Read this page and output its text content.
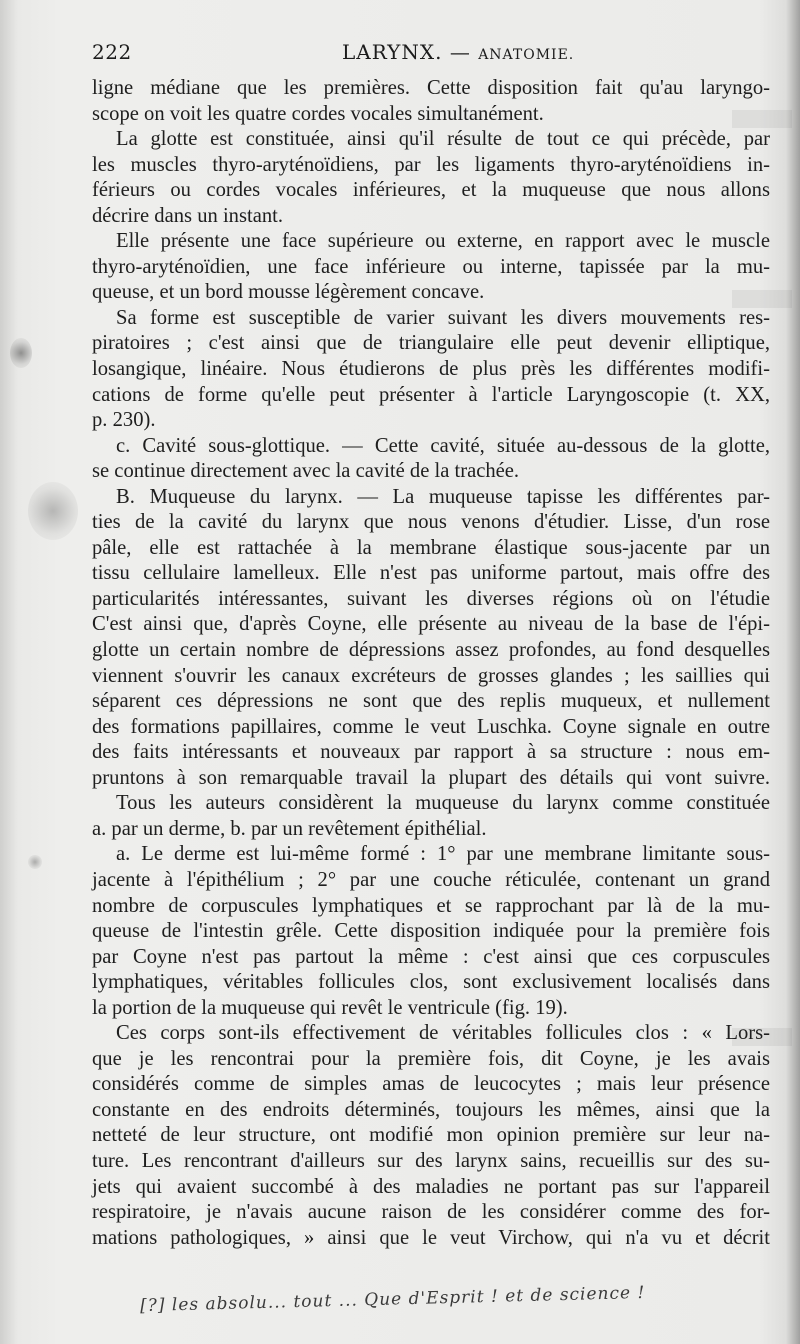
222	LARYNX. — ANATOMIE.
ligne médiane que les premières. Cette disposition fait qu'au laryngo-
scope on voit les quatre cordes vocales simultanément.
La glotte est constituée, ainsi qu'il résulte de tout ce qui précède, par
les muscles thyro-aryténoïdiens, par les ligaments thyro-aryténoïdiens in-
férieurs ou cordes vocales inférieures, et la muqueuse que nous allons
décrire dans un instant.
Elle présente une face supérieure ou externe, en rapport avec le muscle
thyro-aryténoïdien, une face inférieure ou interne, tapissée par la mu-
queuse, et un bord mousse légèrement concave.
Sa forme est susceptible de varier suivant les divers mouvements res-
piratoires ; c'est ainsi que de triangulaire elle peut devenir elliptique,
losangique, linéaire. Nous étudierons de plus près les différentes modifi-
cations de forme qu'elle peut présenter à l'article Laryngoscopie (t. XX,
p. 230).
c. Cavité sous-glottique. — Cette cavité, située au-dessous de la glotte,
se continue directement avec la cavité de la trachée.
B. Muqueuse du larynx. — La muqueuse tapisse les différentes par-
ties de la cavité du larynx que nous venons d'étudier. Lisse, d'un rose
pâle, elle est rattachée à la membrane élastique sous-jacente par un
tissu cellulaire lamelleux. Elle n'est pas uniforme partout, mais offre des
particularités intéressantes, suivant les diverses régions où on l'étudie
C'est ainsi que, d'après Coyne, elle présente au niveau de la base de l'épi-
glotte un certain nombre de dépressions assez profondes, au fond desquelles
viennent s'ouvrir les canaux excréteurs de grosses glandes ; les saillies qui
séparent ces dépressions ne sont que des replis muqueux, et nullement
des formations papillaires, comme le veut Luschka. Coyne signale en outre
des faits intéressants et nouveaux par rapport à sa structure : nous em-
pruntons à son remarquable travail la plupart des détails qui vont suivre.
Tous les auteurs considèrent la muqueuse du larynx comme constituée
a. par un derme, b. par un revêtement épithélial.
a. Le derme est lui-même formé : 1° par une membrane limitante sous-
jacente à l'épithélium ; 2° par une couche réticulée, contenant un grand
nombre de corpuscules lymphatiques et se rapprochant par là de la mu-
queuse de l'intestin grêle. Cette disposition indiquée pour la première fois
par Coyne n'est pas partout la même : c'est ainsi que ces corpuscules
lymphatiques, véritables follicules clos, sont exclusivement localisés dans
la portion de la muqueuse qui revêt le ventricule (fig. 19).
Ces corps sont-ils effectivement de véritables follicules clos : « Lors-
que je les rencontrai pour la première fois, dit Coyne, je les avais
considérés comme de simples amas de leucocytes ; mais leur présence
constante en des endroits déterminés, toujours les mêmes, ainsi que la
netteté de leur structure, ont modifié mon opinion première sur leur na-
ture. Les rencontrant d'ailleurs sur des larynx sains, recueillis sur des su-
jets qui avaient succombé à des maladies ne portant pas sur l'appareil
respiratoire, je n'avais aucune raison de les considérer comme des for-
mations pathologiques, » ainsi que le veut Virchow, qui n'a vu et décrit
[?] les absolu... tout ... Que d'Esprit ! et de science !
